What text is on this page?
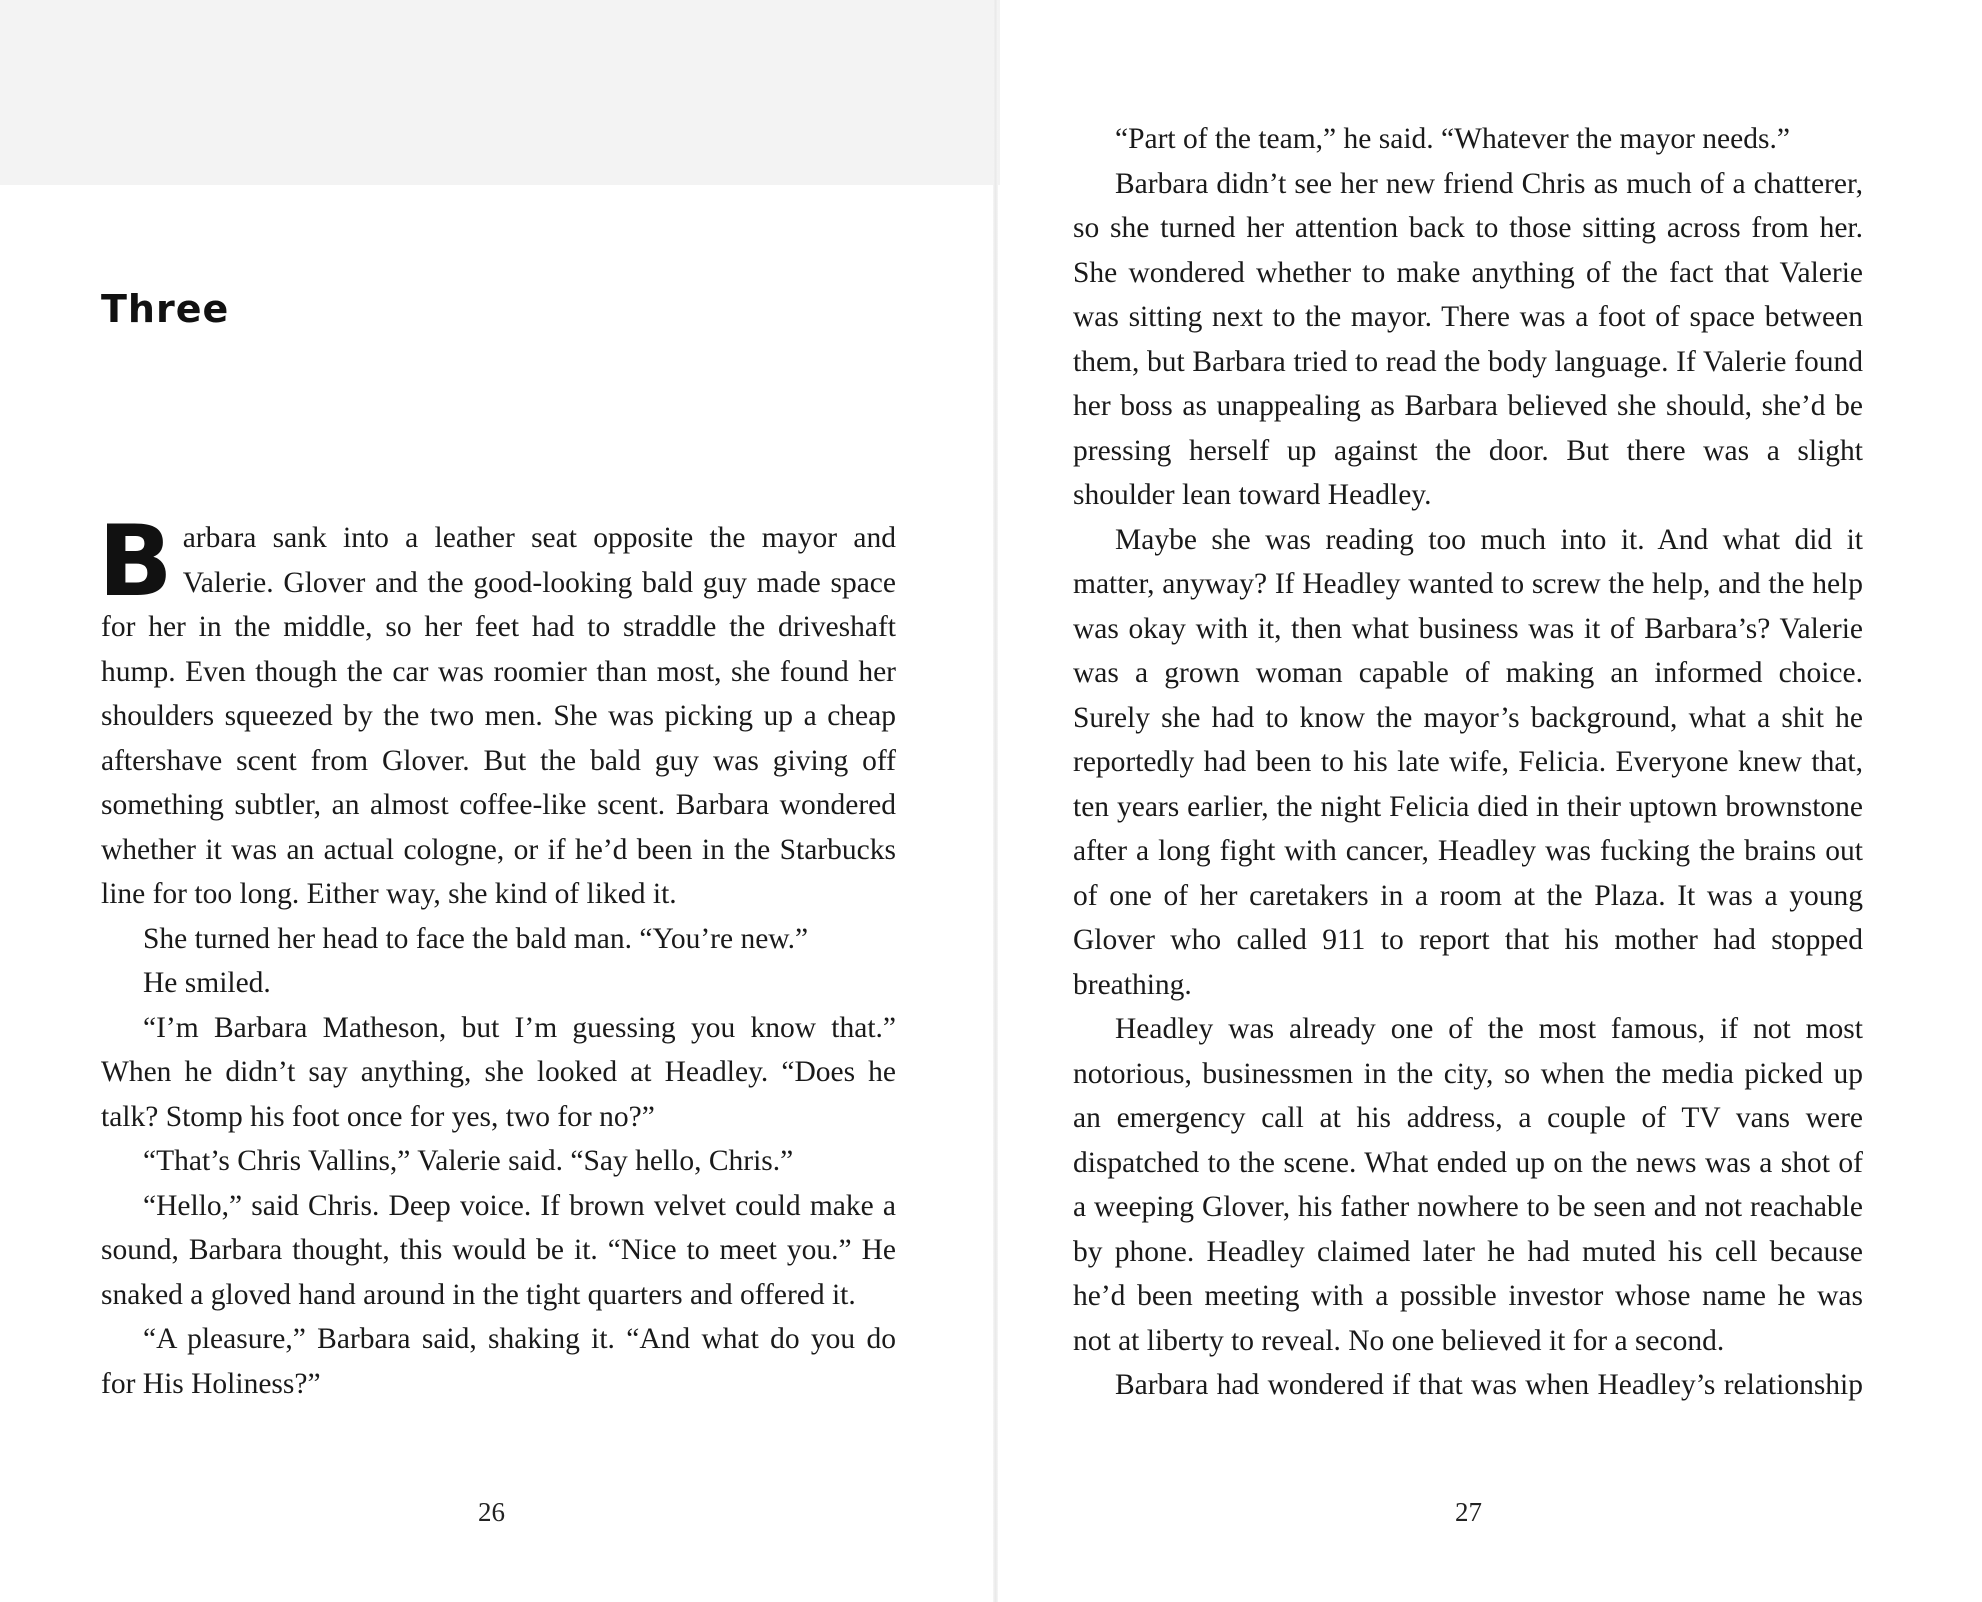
Three

Barbara sank into a leather seat opposite the mayor and Valerie. Glover and the good-looking bald guy made space for her in the middle, so her feet had to straddle the driveshaft hump. Even though the car was roomier than most, she found her shoulders squeezed by the two men. She was picking up a cheap aftershave scent from Glover. But the bald guy was giving off something subtler, an almost coffee-like scent. Barbara wondered whether it was an actual cologne, or if he’d been in the Starbucks line for too long. Either way, she kind of liked it.

She turned her head to face the bald man. “You’re new.”

He smiled.

“I’m Barbara Matheson, but I’m guessing you know that.” When he didn’t say anything, she looked at Headley. “Does he talk? Stomp his foot once for yes, two for no?”

“That’s Chris Vallins,” Valerie said. “Say hello, Chris.”

“Hello,” said Chris. Deep voice. If brown velvet could make a sound, Barbara thought, this would be it. “Nice to meet you.” He snaked a gloved hand around in the tight quarters and offered it.

“A pleasure,” Barbara said, shaking it. “And what do you do for His Holiness?”

26

“Part of the team,” he said. “Whatever the mayor needs.”

Barbara didn’t see her new friend Chris as much of a chatterer, so she turned her attention back to those sitting across from her. She wondered whether to make anything of the fact that Valerie was sitting next to the mayor. There was a foot of space between them, but Barbara tried to read the body language. If Valerie found her boss as unappealing as Barbara believed she should, she’d be pressing herself up against the door. But there was a slight shoulder lean toward Headley.

Maybe she was reading too much into it. And what did it matter, anyway? If Headley wanted to screw the help, and the help was okay with it, then what business was it of Barbara’s? Valerie was a grown woman capable of making an informed choice. Surely she had to know the mayor’s background, what a shit he reportedly had been to his late wife, Felicia. Everyone knew that, ten years earlier, the night Felicia died in their uptown brownstone after a long fight with cancer, Headley was fucking the brains out of one of her caretakers in a room at the Plaza. It was a young Glover who called 911 to report that his mother had stopped breathing.

Headley was already one of the most famous, if not most notorious, businessmen in the city, so when the media picked up an emergency call at his address, a couple of TV vans were dispatched to the scene. What ended up on the news was a shot of a weeping Glover, his father nowhere to be seen and not reachable by phone. Headley claimed later he had muted his cell because he’d been meeting with a possible investor whose name he was not at liberty to reveal. No one believed it for a second.

Barbara had wondered if that was when Headley’s relationship

27
